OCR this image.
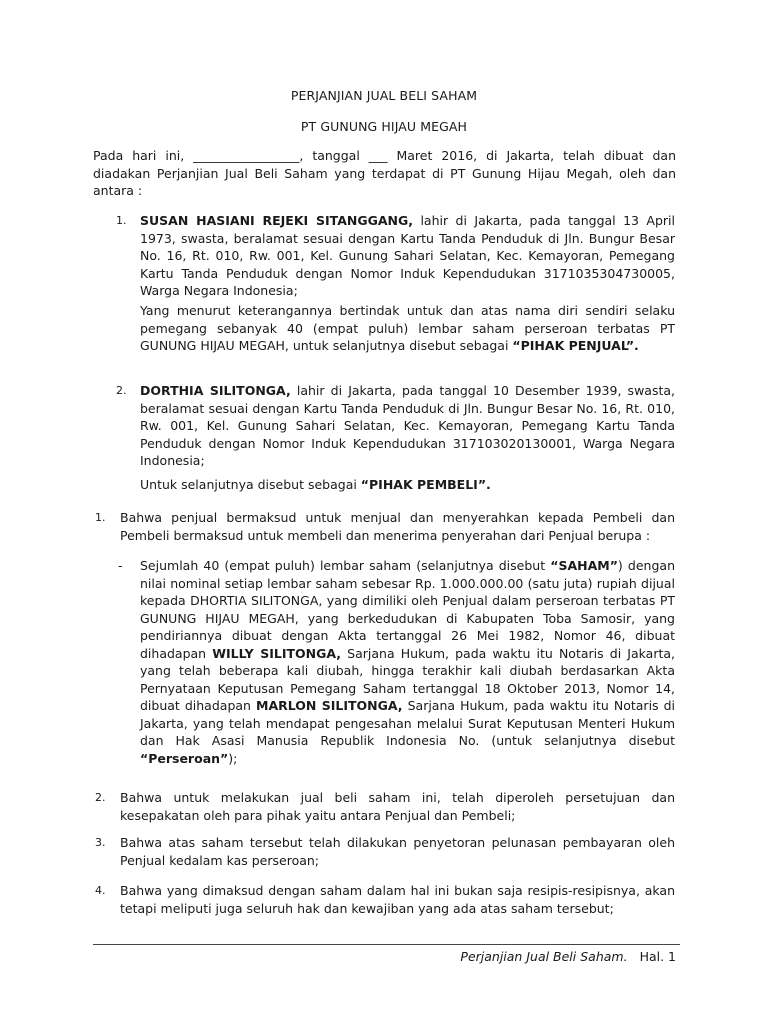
PERJANJIAN JUAL BELI SAHAM

PT GUNUNG HIJAU MEGAH

Pada hari ini, _________________, tanggal ___ Maret 2016, di Jakarta, telah dibuat dan diadakan Perjanjian Jual Beli Saham yang terdapat di PT Gunung Hijau Megah, oleh dan antara :

1. SUSAN HASIANI REJEKI SITANGGANG, lahir di Jakarta, pada tanggal 13 April 1973, swasta, beralamat sesuai dengan Kartu Tanda Penduduk di Jln. Bungur Besar No. 16, Rt. 010, Rw. 001, Kel. Gunung Sahari Selatan, Kec. Kemayoran, Pemegang Kartu Tanda Penduduk dengan Nomor Induk Kependudukan 3171035304730005, Warga Negara Indonesia;

Yang menurut keterangannya bertindak untuk dan atas nama diri sendiri selaku pemegang sebanyak 40 (empat puluh) lembar saham perseroan terbatas PT GUNUNG HIJAU MEGAH, untuk selanjutnya disebut sebagai “PIHAK PENJUAL”.

2. DORTHIA SILITONGA, lahir di Jakarta, pada tanggal 10 Desember 1939, swasta, beralamat sesuai dengan Kartu Tanda Penduduk di Jln. Bungur Besar No. 16, Rt. 010, Rw. 001, Kel. Gunung Sahari Selatan, Kec. Kemayoran, Pemegang Kartu Tanda Penduduk dengan Nomor Induk Kependudukan 317103020130001, Warga Negara Indonesia;

Untuk selanjutnya disebut sebagai “PIHAK PEMBELI”.

1. Bahwa penjual bermaksud untuk menjual dan menyerahkan kepada Pembeli dan Pembeli bermaksud untuk membeli dan menerima penyerahan dari Penjual berupa :

- Sejumlah 40 (empat puluh) lembar saham (selanjutnya disebut “SAHAM”) dengan nilai nominal setiap lembar saham sebesar Rp. 1.000.000.00 (satu juta) rupiah dijual kepada DHORTIA SILITONGA, yang dimiliki oleh Penjual dalam perseroan terbatas PT GUNUNG HIJAU MEGAH, yang berkedudukan di Kabupaten Toba Samosir, yang pendiriannya dibuat dengan Akta tertanggal 26 Mei 1982, Nomor 46, dibuat dihadapan WILLY SILITONGA, Sarjana Hukum, pada waktu itu Notaris di Jakarta, yang telah beberapa kali diubah, hingga terakhir kali diubah berdasarkan Akta Pernyataan Keputusan Pemegang Saham tertanggal 18 Oktober 2013, Nomor 14, dibuat dihadapan MARLON SILITONGA, Sarjana Hukum, pada waktu itu Notaris di Jakarta, yang telah mendapat pengesahan melalui Surat Keputusan Menteri Hukum dan Hak Asasi Manusia Republik Indonesia No. (untuk selanjutnya disebut “Perseroan”);

2. Bahwa untuk melakukan jual beli saham ini, telah diperoleh persetujuan dan kesepakatan oleh para pihak yaitu antara Penjual dan Pembeli;

3. Bahwa atas saham tersebut telah dilakukan penyetoran pelunasan pembayaran oleh Penjual kedalam kas perseroan;

4. Bahwa yang dimaksud dengan saham dalam hal ini bukan saja resipis-resipisnya, akan tetapi meliputi juga seluruh hak dan kewajiban yang ada atas saham tersebut;

Perjanjian Jual Beli Saham. Hal. 1
